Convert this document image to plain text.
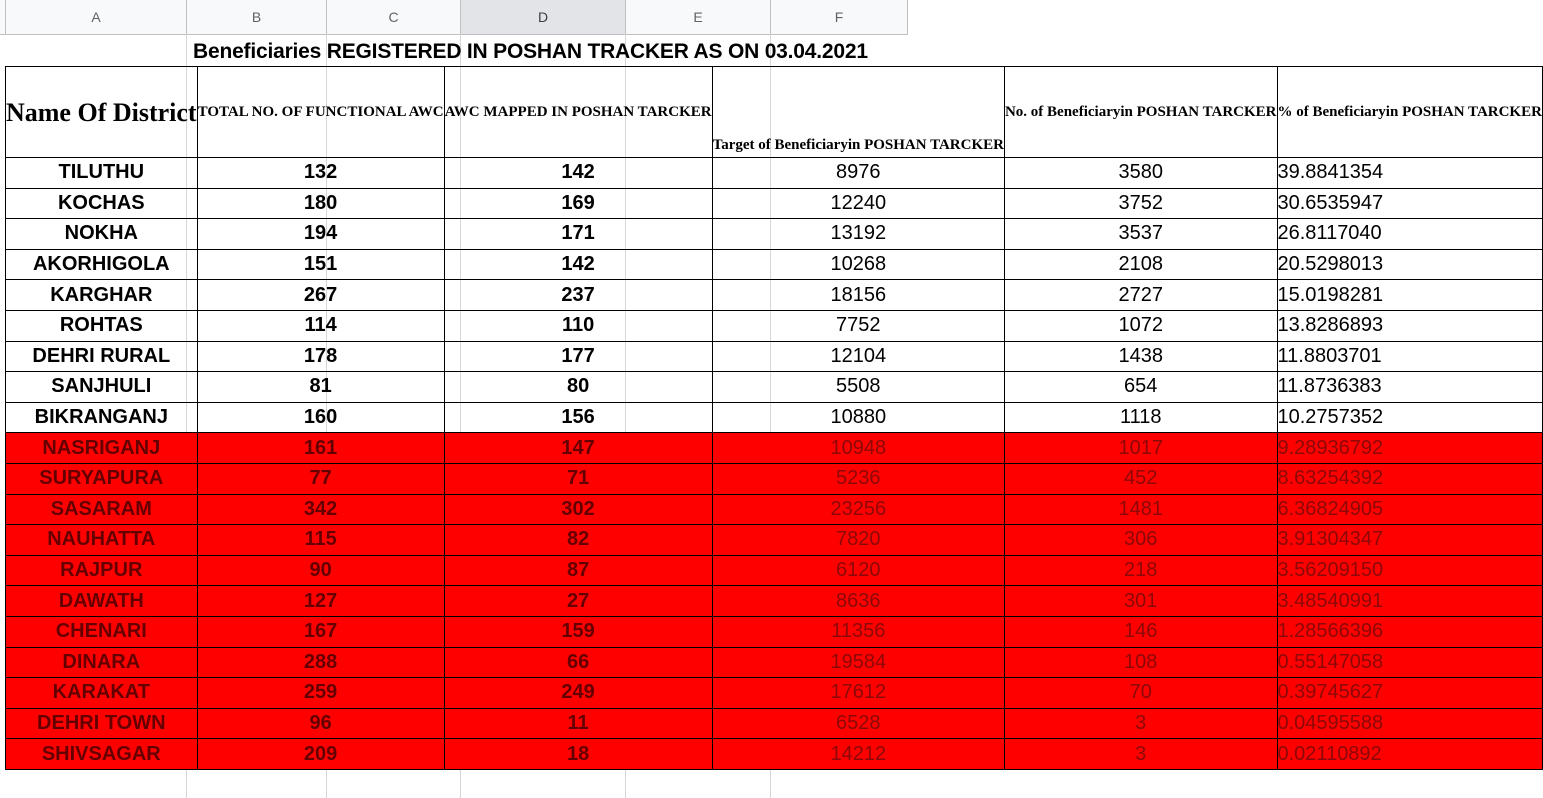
A	B	C	D	E	F
Beneficiaries REGISTERED IN POSHAN TRACKER AS ON 03.04.2021
Name Of District	TOTAL NO. OF FUNCTIONAL AWC	AWC MAPPED IN POSHAN TARCKER	Target of Beneficiaryin POSHAN TARCKER	No. of Beneficiaryin POSHAN TARCKER	% of Beneficiaryin POSHAN TARCKER
TILUTHU	132	142	8976	3580	39.8841354
KOCHAS	180	169	12240	3752	30.6535947
NOKHA	194	171	13192	3537	26.8117040
AKORHIGOLA	151	142	10268	2108	20.5298013
KARGHAR	267	237	18156	2727	15.0198281
ROHTAS	114	110	7752	1072	13.8286893
DEHRI RURAL	178	177	12104	1438	11.8803701
SANJHULI	81	80	5508	654	11.8736383
BIKRANGANJ	160	156	10880	1118	10.2757352
NASRIGANJ	161	147	10948	1017	9.28936792
SURYAPURA	77	71	5236	452	8.63254392
SASARAM	342	302	23256	1481	6.36824905
NAUHATTA	115	82	7820	306	3.91304347
RAJPUR	90	87	6120	218	3.56209150
DAWATH	127	27	8636	301	3.48540991
CHENARI	167	159	11356	146	1.28566396
DINARA	288	66	19584	108	0.55147058
KARAKAT	259	249	17612	70	0.39745627
DEHRI TOWN	96	11	6528	3	0.04595588
SHIVSAGAR	209	18	14212	3	0.02110892
